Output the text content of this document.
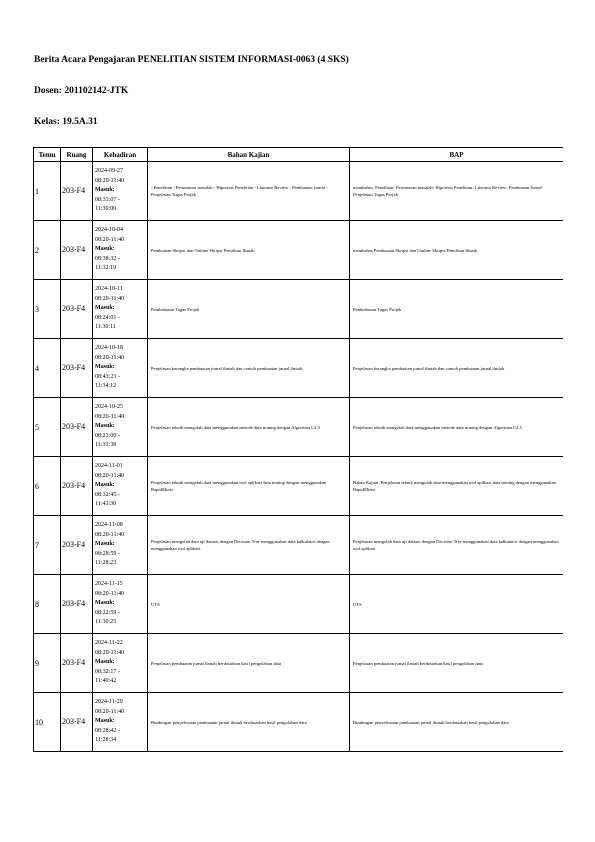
Berita Acara Pengajaran PENELITIAN SISTEM INFORMASI-0063 (4 SKS)
Dosen: 201102142-JTK
Kelas: 19.5A.31
Temu	Ruang	Kehadiran	Bahan Kajian	BAP
1	203-F4	2024-09-27
08:20-11:40
Masuk:
08:33:07 -
11:30:00	- Penelitian - Perumusan masalah - Hipotesis Penelitian - Literatur Review - Pembuatan Jurnal - Penjelasan Tugas Projek	membahas: Penelitian- Perumusan masalah- Hipotesis Penelitian- Literatur Review- Pembuatan Jurnal- Penjelasan Tugas Projek
2	203-F4	2024-10-04
08:20-11:40
Masuk:
08:38:32 -
11:32:19	Pembuatan Skripsi dan Outline Skripsi Penulisan Ilmiah	membahas Pembuatan Skripsi dan Outline Skripsi Penulisan Ilmiah
3	203-F4	2024-10-11
08:20-11:40
Masuk:
08:24:01 -
11:30:11	Pembahasan Tugas Projek	Pembahasan Tugas Projek
4	203-F4	2024-10-18
08:20-11:40
Masuk:
08:43:23 -
11:34:12	Penjelasan kerangka pembuatan jurnal ilmiah dan contoh pembuatan jurnal ilmiah	Penjelasan kerangka pembuatan jurnal ilmiah dan contoh pembuatan jurnal ilmiah
5	203-F4	2024-10-25
08:20-11:40
Masuk:
08:23:00 -
11:33:38	Penjelasan teknik mengolah data menggunakan metode data mining dengan Algoritma C4.5	Penjelasan teknik mengolah data menggunakan metode data mining dengan Algoritma C4.5
6	203-F4	2024-11-01
08:20-11:40
Masuk:
08:32:45 -
11:43:30	Penjelasan teknik mengolah data menggunakan tool aplikasi data mining dengan menggunakan RapidMiner	Bahan Kajian: Penjelasan teknik mengolah data menggunakan tool aplikasi data mining dengan menggunakan RapidMiner
7	203-F4	2024-11-08
08:20-11:40
Masuk:
08:28:59 -
11:28:23	Penjelasan mengolah data uji dataset dengan Decision Tree menggunakan data kalkulator dengan menggunakan tool aplikasi	Penjelasan mengolah data uji dataset dengan Decision Tree menggunakan data kalkulator dengan menggunakan tool aplikasi
8	203-F4	2024-11-15
08:20-11:40
Masuk:
08:22:59 -
11:30:23	UTS	UTS
9	203-F4	2024-11-22
08:20-11:40
Masuk:
08:32:17 -
11:40:42	Penjelasan pembuatan jurnal ilmiah berdasarkan hasil pengolahan data	Penjelasan pembuatan jurnal ilmiah berdasarkan hasil pengolahan data
10	203-F4	2024-11-29
08:20-11:40
Masuk:
08:28:42 -
11:28:34	Bimbingan penyelesaian pembuatan jurnal ilmiah berdasarkan hasil pengolahan data	Bimbingan penyelesaian pembuatan jurnal ilmiah berdasarkan hasil pengolahan data
